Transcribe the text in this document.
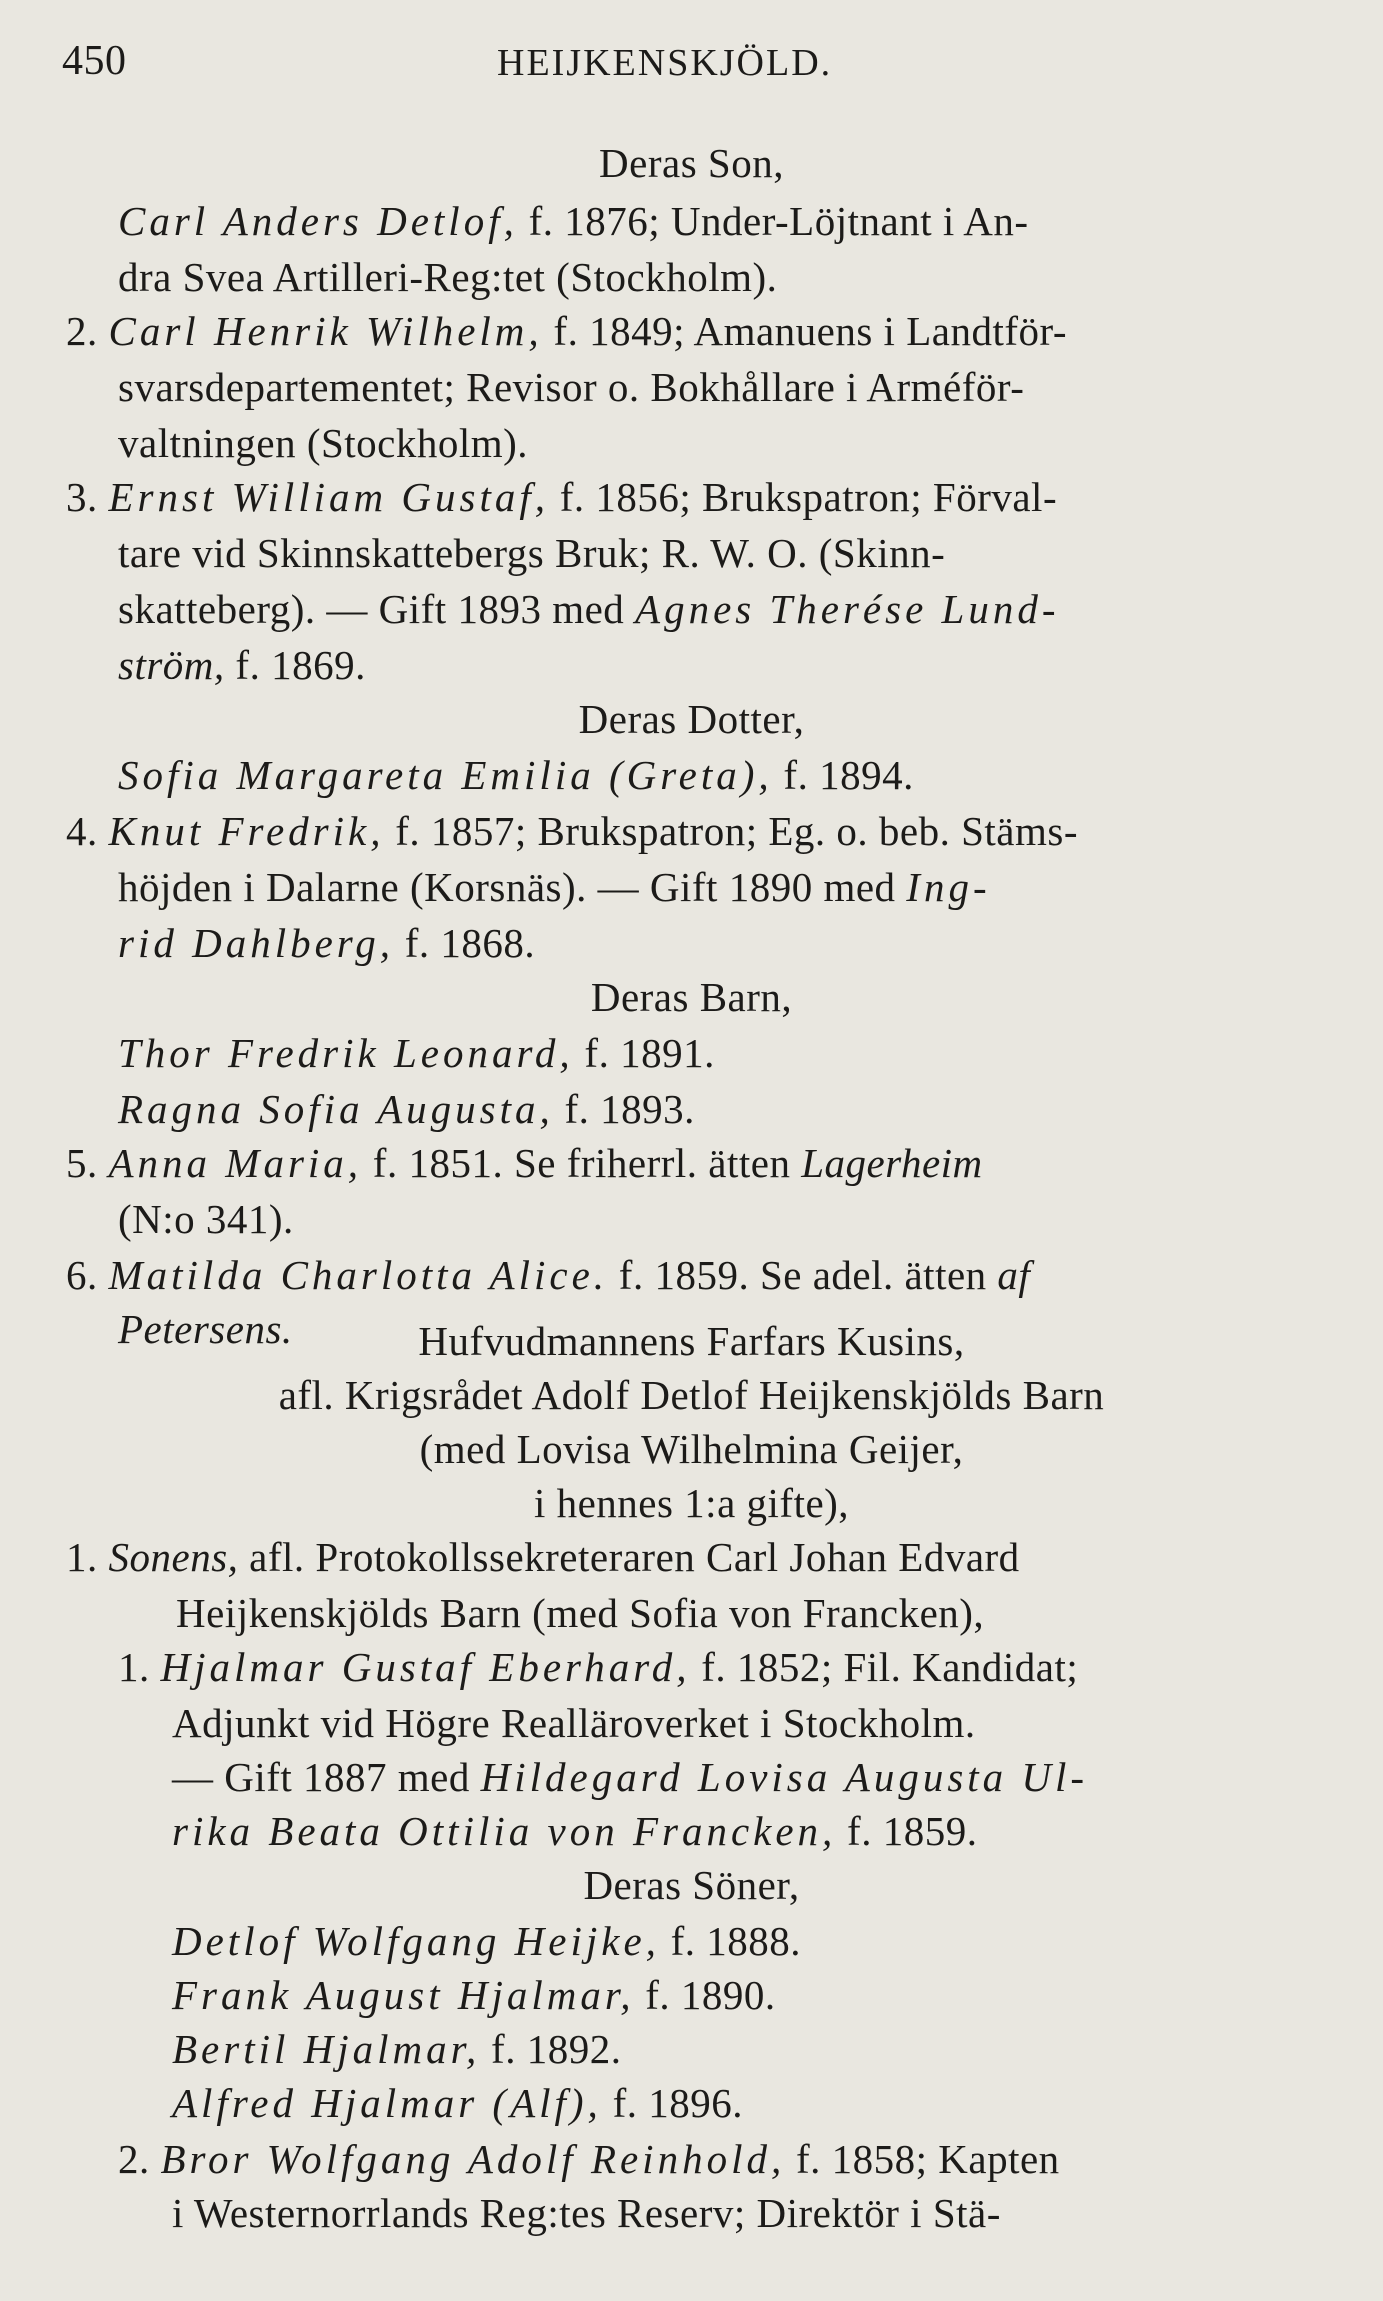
450	HEIJKENSKJÖLD.
Deras Son,
Carl Anders Detlof, f. 1876; Under-Löjtnant i An-
dra Svea Artilleri-Reg:tet (Stockholm).
2. Carl Henrik Wilhelm, f. 1849; Amanuens i Landtför-
svarsdepartementet; Revisor o. Bokhållare i Arméför-
valtningen (Stockholm).
3. Ernst William Gustaf, f. 1856; Brukspatron; Förval-
tare vid Skinnskattebergs Bruk; R. W. O. (Skinn-
skatteberg). — Gift 1893 med Agnes Therése Lund-
ström, f. 1869.
Deras Dotter,
Sofia Margareta Emilia (Greta), f. 1894.
4. Knut Fredrik, f. 1857; Brukspatron; Eg. o. beb. Stäms-
höjden i Dalarne (Korsnäs). — Gift 1890 med Ing-
rid Dahlberg, f. 1868.
Deras Barn,
Thor Fredrik Leonard, f. 1891.
Ragna Sofia Augusta, f. 1893.
5. Anna Maria, f. 1851. Se friherrl. ätten Lagerheim
(N:o 341).
6. Matilda Charlotta Alice. f. 1859. Se adel. ätten af
Petersens.	Hufvudmannens Farfars Kusins,
afl. Krigsrådet Adolf Detlof Heijkenskjölds Barn
(med Lovisa Wilhelmina Geijer,
i hennes 1:a gifte),
1. Sonens, afl. Protokollssekreteraren Carl Johan Edvard
Heijkenskjölds Barn (med Sofia von Francken),
1. Hjalmar Gustaf Eberhard, f. 1852; Fil. Kandidat;
Adjunkt vid Högre Realläroverket i Stockholm.
— Gift 1887 med Hildegard Lovisa Augusta Ul-
rika Beata Ottilia von Francken, f. 1859.
Deras Söner,
Detlof Wolfgang Heijke, f. 1888.
Frank August Hjalmar, f. 1890.
Bertil Hjalmar, f. 1892.
Alfred Hjalmar (Alf), f. 1896.
2. Bror Wolfgang Adolf Reinhold, f. 1858; Kapten
i Westernorrlands Reg:tes Reserv; Direktör i Stä-
